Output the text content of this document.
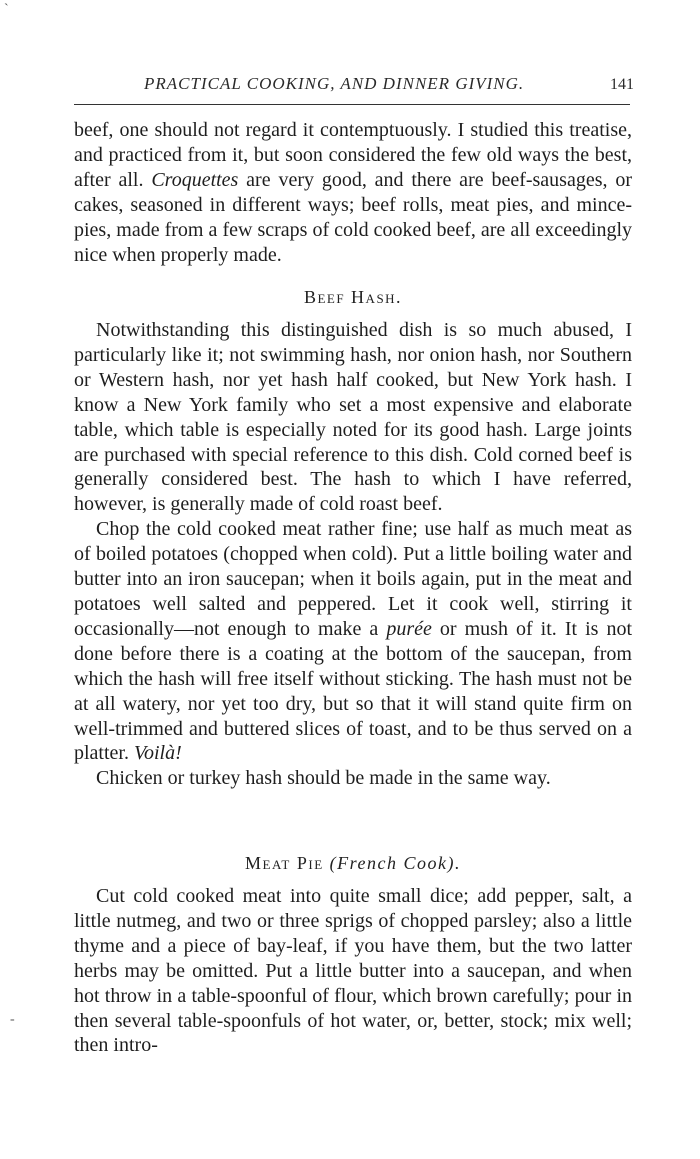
PRACTICAL COOKING, AND DINNER GIVING.	141

beef, one should not regard it contemptuously. I studied this treatise, and practiced from it, but soon considered the few old ways the best, after all. Croquettes are very good, and there are beef-sausages, or cakes, seasoned in different ways; beef rolls, meat pies, and mince-pies, made from a few scraps of cold cooked beef, are all exceedingly nice when properly made.

Beef Hash.

Notwithstanding this distinguished dish is so much abused, I particularly like it; not swimming hash, nor onion hash, nor Southern or Western hash, nor yet hash half cooked, but New York hash. I know a New York family who set a most expensive and elaborate table, which table is especially noted for its good hash. Large joints are purchased with special reference to this dish. Cold corned beef is generally considered best. The hash to which I have referred, however, is generally made of cold roast beef.

Chop the cold cooked meat rather fine; use half as much meat as of boiled potatoes (chopped when cold). Put a little boiling water and butter into an iron saucepan; when it boils again, put in the meat and potatoes well salted and peppered. Let it cook well, stirring it occasionally—not enough to make a purée or mush of it. It is not done before there is a coating at the bottom of the saucepan, from which the hash will free itself without sticking. The hash must not be at all watery, nor yet too dry, but so that it will stand quite firm on well-trimmed and buttered slices of toast, and to be thus served on a platter. Voilà!

Chicken or turkey hash should be made in the same way.

Meat Pie (French Cook).

Cut cold cooked meat into quite small dice; add pepper, salt, a little nutmeg, and two or three sprigs of chopped parsley; also a little thyme and a piece of bay-leaf, if you have them, but the two latter herbs may be omitted. Put a little butter into a saucepan, and when hot throw in a table-spoonful of flour, which brown carefully; pour in then several table-spoonfuls of hot water, or, better, stock; mix well; then intro-

`
-
